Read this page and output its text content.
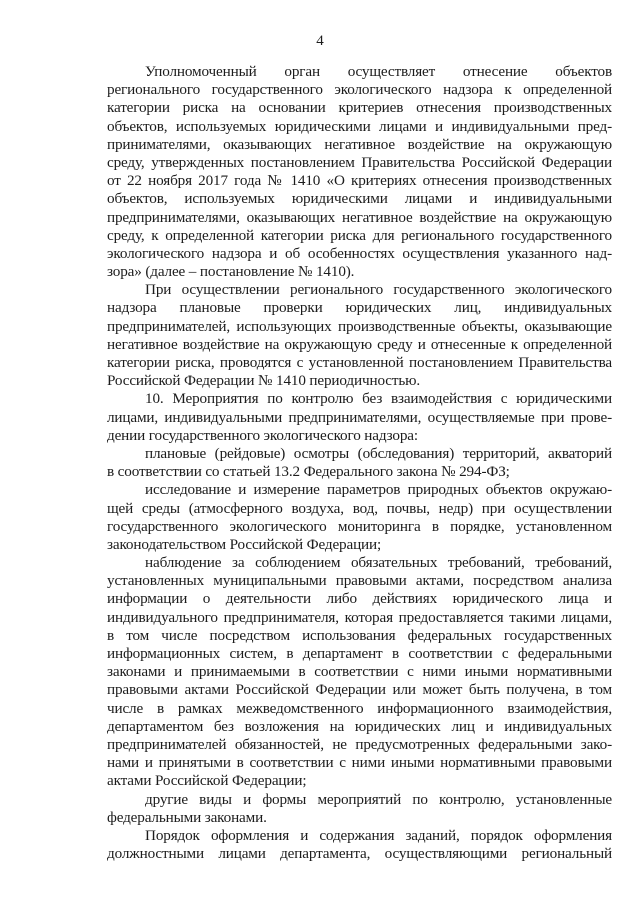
4

Уполномоченный орган осуществляет отнесение объектов
регионального государственного экологического надзора к определенной
категории риска на основании критериев отнесения производственных
объектов, используемых юридическими лицами и индивидуальными пред-
принимателями, оказывающих негативное воздействие на окружающую
среду, утвержденных постановлением Правительства Российской Федерации
от 22 ноября 2017 года № 1410 «О критериях отнесения производственных
объектов, используемых юридическими лицами и индивидуальными
предпринимателями, оказывающих негативное воздействие на окружающую
среду, к определенной категории риска для регионального государственного
экологического надзора и об особенностях осуществления указанного над-
зора» (далее – постановление № 1410).

При осуществлении регионального государственного экологического
надзора плановые проверки юридических лиц, индивидуальных
предпринимателей, использующих производственные объекты, оказывающие
негативное воздействие на окружающую среду и отнесенные к определенной
категории риска, проводятся с установленной постановлением Правительства
Российской Федерации № 1410 периодичностью.

10. Мероприятия по контролю без взаимодействия с юридическими
лицами, индивидуальными предпринимателями, осуществляемые при прове-
дении государственного экологического надзора:

плановые (рейдовые) осмотры (обследования) территорий, акваторий
в соответствии со статьей 13.2 Федерального закона № 294-ФЗ;

исследование и измерение параметров природных объектов окружаю-
щей среды (атмосферного воздуха, вод, почвы, недр) при осуществлении
государственного экологического мониторинга в порядке, установленном
законодательством Российской Федерации;

наблюдение за соблюдением обязательных требований, требований,
установленных муниципальными правовыми актами, посредством анализа
информации о деятельности либо действиях юридического лица и
индивидуального предпринимателя, которая предоставляется такими лицами,
в том числе посредством использования федеральных государственных
информационных систем, в департамент в соответствии с федеральными
законами и принимаемыми в соответствии с ними иными нормативными
правовыми актами Российской Федерации или может быть получена, в том
числе в рамках межведомственного информационного взаимодействия,
департаментом без возложения на юридических лиц и индивидуальных
предпринимателей обязанностей, не предусмотренных федеральными зако-
нами и принятыми в соответствии с ними иными нормативными правовыми
актами Российской Федерации;

другие виды и формы мероприятий по контролю, установленные
федеральными законами.

Порядок оформления и содержания заданий, порядок оформления
должностными лицами департамента, осуществляющими региональный
